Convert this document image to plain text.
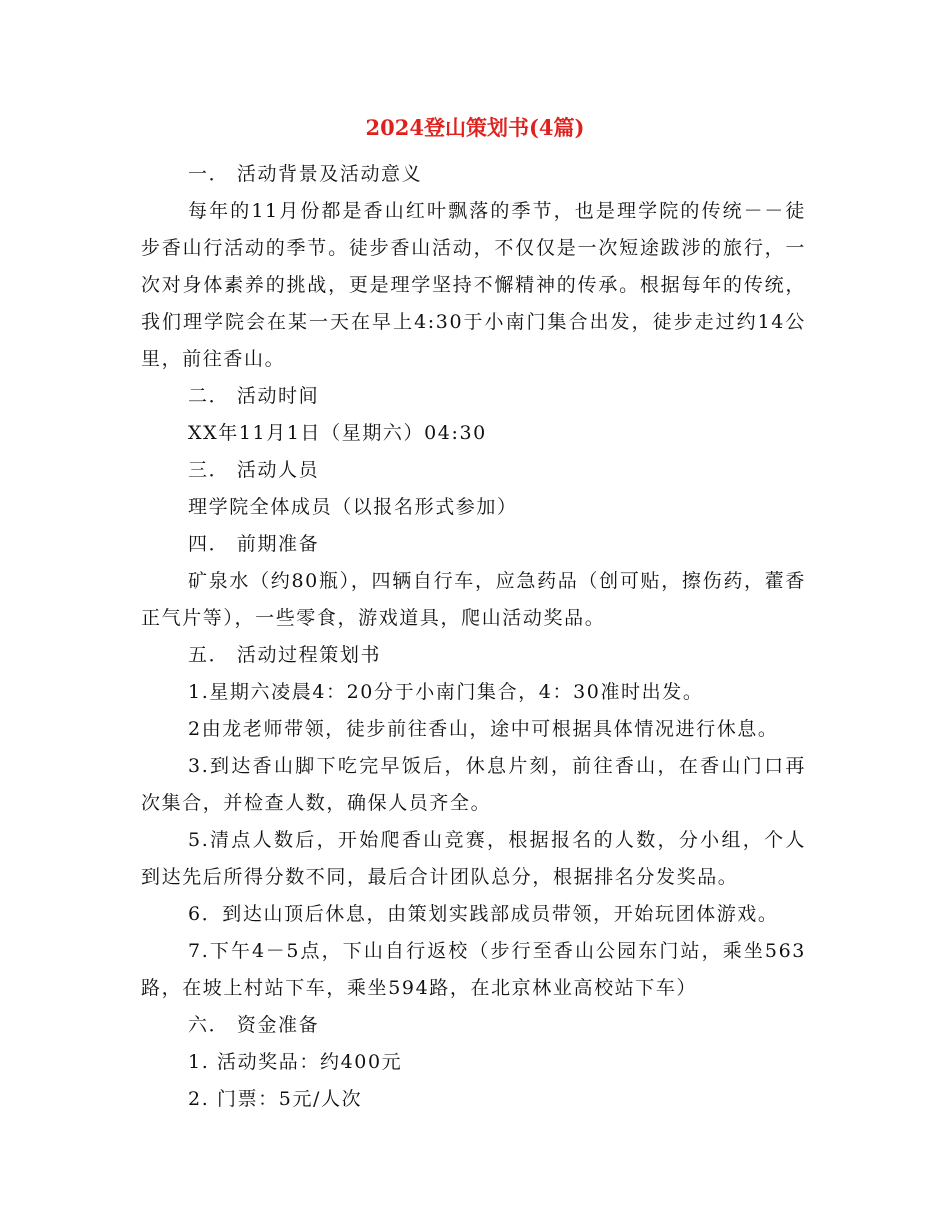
2024登山策划书(4篇)

一． 活动背景及活动意义

每年的11月份都是香山红叶飘落的季节，也是理学院的传统－－徒步香山行活动的季节。徒步香山活动，不仅仅是一次短途跋涉的旅行，一次对身体素养的挑战，更是理学坚持不懈精神的传承。根据每年的传统，我们理学院会在某一天在早上4:30于小南门集合出发，徒步走过约14公里，前往香山。

二． 活动时间

XX年11月1日（星期六）04:30

三． 活动人员

理学院全体成员（以报名形式参加）

四． 前期准备

矿泉水（约80瓶），四辆自行车，应急药品（创可贴，擦伤药，藿香正气片等），一些零食，游戏道具，爬山活动奖品。

五． 活动过程策划书

1.星期六凌晨4：20分于小南门集合，4：30准时出发。

2由龙老师带领，徒步前往香山，途中可根据具体情况进行休息。

3.到达香山脚下吃完早饭后，休息片刻，前往香山，在香山门口再次集合，并检查人数，确保人员齐全。

5.清点人数后，开始爬香山竞赛，根据报名的人数，分小组，个人到达先后所得分数不同，最后合计团队总分，根据排名分发奖品。

6．到达山顶后休息，由策划实践部成员带领，开始玩团体游戏。

7.下午4－5点，下山自行返校（步行至香山公园东门站，乘坐563路，在坡上村站下车，乘坐594路，在北京林业高校站下车）

六． 资金准备

1. 活动奖品：约400元

2. 门票：5元/人次
